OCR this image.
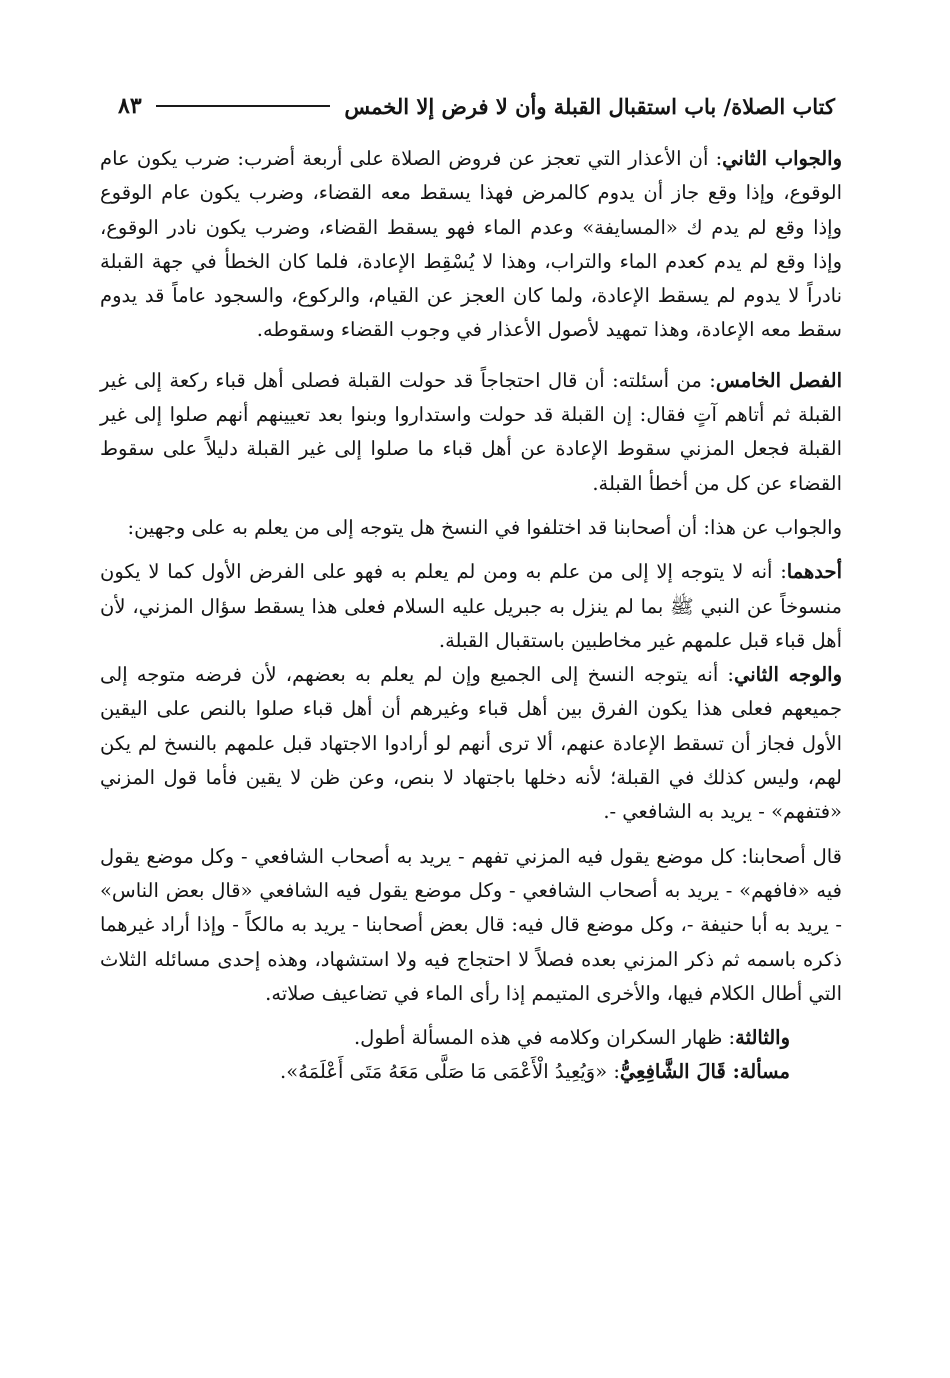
كتاب الصلاة/ باب استقبال القبلة وأن لا فرض إلا الخمس
٨٣

والجواب الثاني: أن الأعذار التي تعجز عن فروض الصلاة على أربعة أضرب: ضرب يكون عام الوقوع، وإذا وقع جاز أن يدوم كالمرض فهذا يسقط معه القضاء، وضرب يكون عام الوقوع وإذا وقع لم يدم ك «المسايفة» وعدم الماء فهو يسقط القضاء، وضرب يكون نادر الوقوع، وإذا وقع لم يدم كعدم الماء والتراب، وهذا لا يُسْقِط الإعادة، فلما كان الخطأ في جهة القبلة نادراً لا يدوم لم يسقط الإعادة، ولما كان العجز عن القيام، والركوع، والسجود عاماً قد يدوم سقط معه الإعادة، وهذا تمهيد لأصول الأعذار في وجوب القضاء وسقوطه.

الفصل الخامس: من أسئلته: أن قال احتجاجاً قد حولت القبلة فصلى أهل قباء ركعة إلى غير القبلة ثم أتاهم آتٍ فقال: إن القبلة قد حولت واستداروا وبنوا بعد تعيينهم أنهم صلوا إلى غير القبلة فجعل المزني سقوط الإعادة عن أهل قباء ما صلوا إلى غير القبلة دليلاً على سقوط القضاء عن كل من أخطأ القبلة.

والجواب عن هذا: أن أصحابنا قد اختلفوا في النسخ هل يتوجه إلى من يعلم به على وجهين:

أحدهما: أنه لا يتوجه إلا إلى من علم به ومن لم يعلم به فهو على الفرض الأول كما لا يكون منسوخاً عن النبي ﷺ بما لم ينزل به جبريل عليه السلام فعلى هذا يسقط سؤال المزني، لأن أهل قباء قبل علمهم غير مخاطبين باستقبال القبلة.

والوجه الثاني: أنه يتوجه النسخ إلى الجميع وإن لم يعلم به بعضهم، لأن فرضه متوجه إلى جميعهم فعلى هذا يكون الفرق بين أهل قباء وغيرهم أن أهل قباء صلوا بالنص على اليقين الأول فجاز أن تسقط الإعادة عنهم، ألا ترى أنهم لو أرادوا الاجتهاد قبل علمهم بالنسخ لم يكن لهم، وليس كذلك في القبلة؛ لأنه دخلها باجتهاد لا بنص، وعن ظن لا يقين فأما قول المزني «فتفهم» - يريد به الشافعي -.

قال أصحابنا: كل موضع يقول فيه المزني تفهم - يريد به أصحاب الشافعي - وكل موضع يقول فيه «فافهم» - يريد به أصحاب الشافعي - وكل موضع يقول فيه الشافعي «قال بعض الناس» - يريد به أبا حنيفة -، وكل موضع قال فيه: قال بعض أصحابنا - يريد به مالكاً - وإذا أراد غيرهما ذكره باسمه ثم ذكر المزني بعده فصلاً لا احتجاج فيه ولا استشهاد، وهذه إحدى مسائله الثلاث التي أطال الكلام فيها، والأخرى المتيمم إذا رأى الماء في تضاعيف صلاته.

والثالثة: ظهار السكران وكلامه في هذه المسألة أطول.

مسألة: قَالَ الشَّافِعِيُّ: «وَيُعِيدُ الْأَعْمَى مَا صَلَّى مَعَهُ مَتَى أَعْلَمَهُ».
